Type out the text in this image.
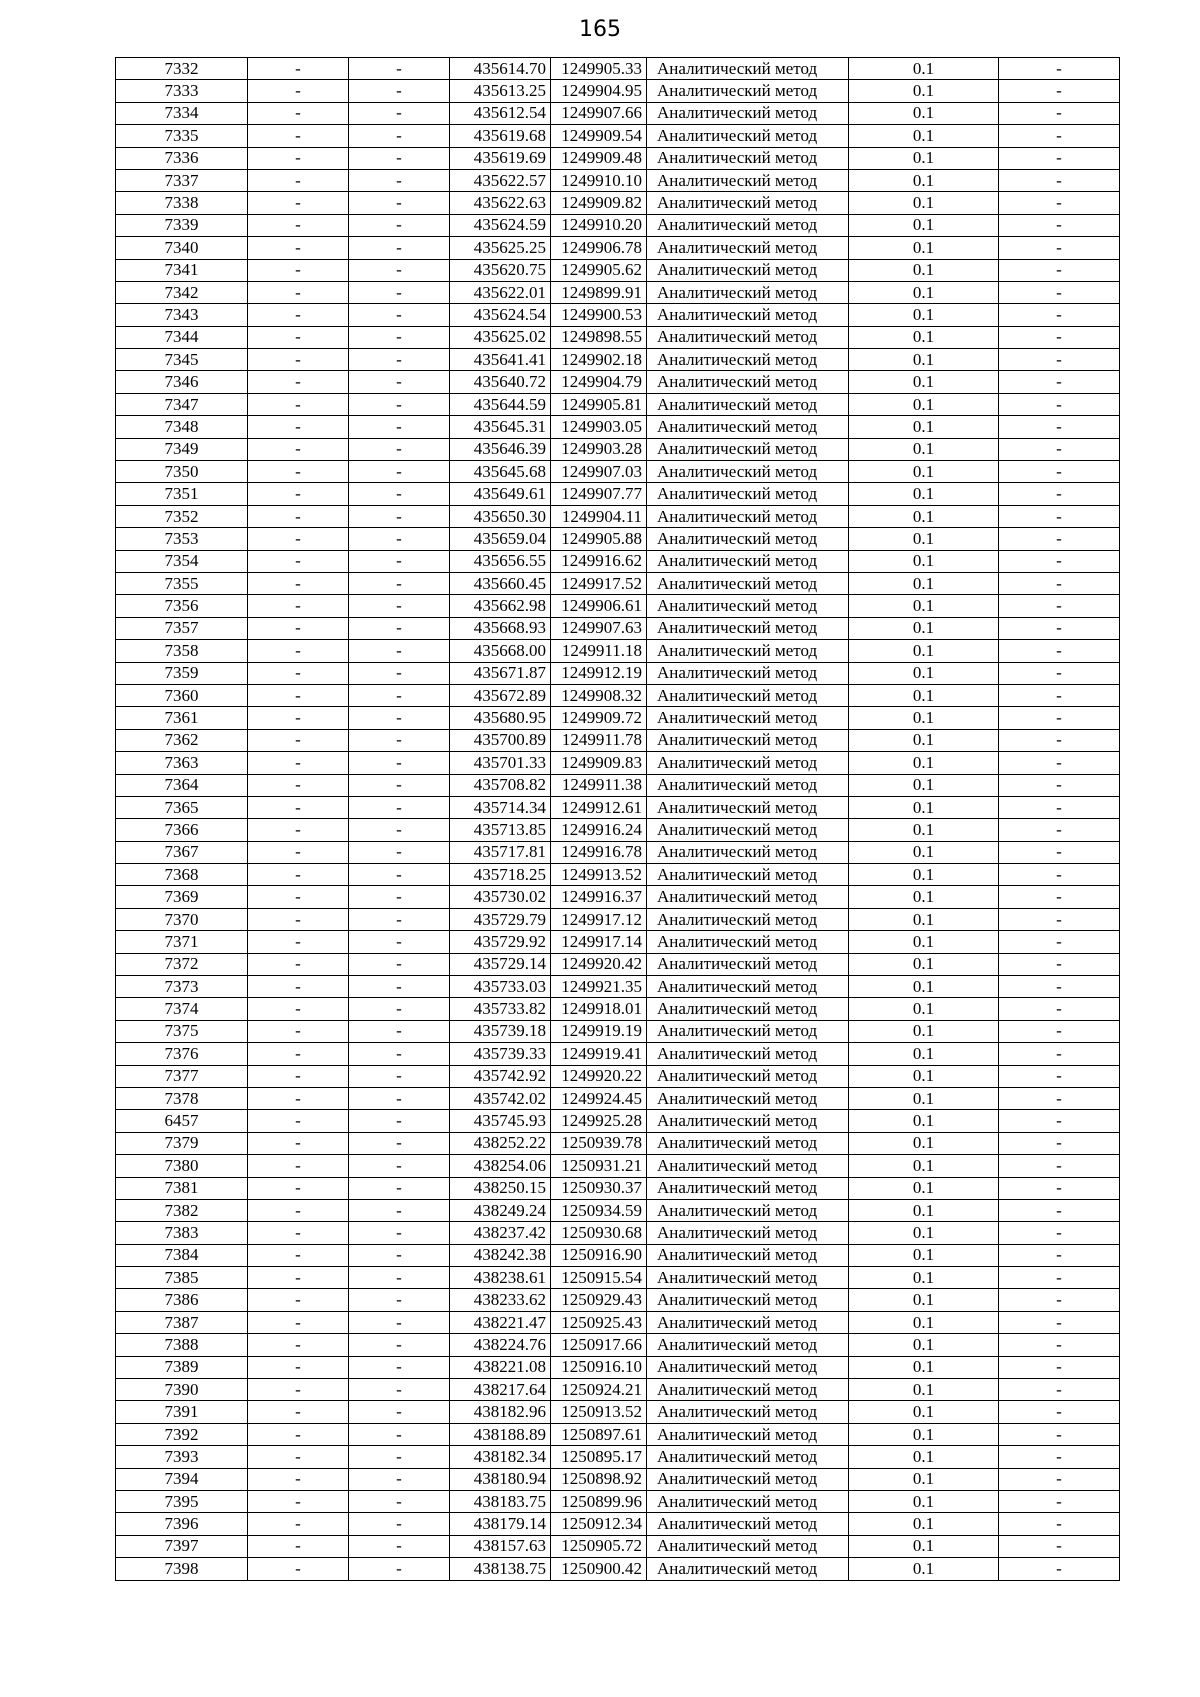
165
7332	-	-	435614.70	1249905.33	Аналитический метод	0.1	-
7333	-	-	435613.25	1249904.95	Аналитический метод	0.1	-
7334	-	-	435612.54	1249907.66	Аналитический метод	0.1	-
7335	-	-	435619.68	1249909.54	Аналитический метод	0.1	-
7336	-	-	435619.69	1249909.48	Аналитический метод	0.1	-
7337	-	-	435622.57	1249910.10	Аналитический метод	0.1	-
7338	-	-	435622.63	1249909.82	Аналитический метод	0.1	-
7339	-	-	435624.59	1249910.20	Аналитический метод	0.1	-
7340	-	-	435625.25	1249906.78	Аналитический метод	0.1	-
7341	-	-	435620.75	1249905.62	Аналитический метод	0.1	-
7342	-	-	435622.01	1249899.91	Аналитический метод	0.1	-
7343	-	-	435624.54	1249900.53	Аналитический метод	0.1	-
7344	-	-	435625.02	1249898.55	Аналитический метод	0.1	-
7345	-	-	435641.41	1249902.18	Аналитический метод	0.1	-
7346	-	-	435640.72	1249904.79	Аналитический метод	0.1	-
7347	-	-	435644.59	1249905.81	Аналитический метод	0.1	-
7348	-	-	435645.31	1249903.05	Аналитический метод	0.1	-
7349	-	-	435646.39	1249903.28	Аналитический метод	0.1	-
7350	-	-	435645.68	1249907.03	Аналитический метод	0.1	-
7351	-	-	435649.61	1249907.77	Аналитический метод	0.1	-
7352	-	-	435650.30	1249904.11	Аналитический метод	0.1	-
7353	-	-	435659.04	1249905.88	Аналитический метод	0.1	-
7354	-	-	435656.55	1249916.62	Аналитический метод	0.1	-
7355	-	-	435660.45	1249917.52	Аналитический метод	0.1	-
7356	-	-	435662.98	1249906.61	Аналитический метод	0.1	-
7357	-	-	435668.93	1249907.63	Аналитический метод	0.1	-
7358	-	-	435668.00	1249911.18	Аналитический метод	0.1	-
7359	-	-	435671.87	1249912.19	Аналитический метод	0.1	-
7360	-	-	435672.89	1249908.32	Аналитический метод	0.1	-
7361	-	-	435680.95	1249909.72	Аналитический метод	0.1	-
7362	-	-	435700.89	1249911.78	Аналитический метод	0.1	-
7363	-	-	435701.33	1249909.83	Аналитический метод	0.1	-
7364	-	-	435708.82	1249911.38	Аналитический метод	0.1	-
7365	-	-	435714.34	1249912.61	Аналитический метод	0.1	-
7366	-	-	435713.85	1249916.24	Аналитический метод	0.1	-
7367	-	-	435717.81	1249916.78	Аналитический метод	0.1	-
7368	-	-	435718.25	1249913.52	Аналитический метод	0.1	-
7369	-	-	435730.02	1249916.37	Аналитический метод	0.1	-
7370	-	-	435729.79	1249917.12	Аналитический метод	0.1	-
7371	-	-	435729.92	1249917.14	Аналитический метод	0.1	-
7372	-	-	435729.14	1249920.42	Аналитический метод	0.1	-
7373	-	-	435733.03	1249921.35	Аналитический метод	0.1	-
7374	-	-	435733.82	1249918.01	Аналитический метод	0.1	-
7375	-	-	435739.18	1249919.19	Аналитический метод	0.1	-
7376	-	-	435739.33	1249919.41	Аналитический метод	0.1	-
7377	-	-	435742.92	1249920.22	Аналитический метод	0.1	-
7378	-	-	435742.02	1249924.45	Аналитический метод	0.1	-
6457	-	-	435745.93	1249925.28	Аналитический метод	0.1	-
7379	-	-	438252.22	1250939.78	Аналитический метод	0.1	-
7380	-	-	438254.06	1250931.21	Аналитический метод	0.1	-
7381	-	-	438250.15	1250930.37	Аналитический метод	0.1	-
7382	-	-	438249.24	1250934.59	Аналитический метод	0.1	-
7383	-	-	438237.42	1250930.68	Аналитический метод	0.1	-
7384	-	-	438242.38	1250916.90	Аналитический метод	0.1	-
7385	-	-	438238.61	1250915.54	Аналитический метод	0.1	-
7386	-	-	438233.62	1250929.43	Аналитический метод	0.1	-
7387	-	-	438221.47	1250925.43	Аналитический метод	0.1	-
7388	-	-	438224.76	1250917.66	Аналитический метод	0.1	-
7389	-	-	438221.08	1250916.10	Аналитический метод	0.1	-
7390	-	-	438217.64	1250924.21	Аналитический метод	0.1	-
7391	-	-	438182.96	1250913.52	Аналитический метод	0.1	-
7392	-	-	438188.89	1250897.61	Аналитический метод	0.1	-
7393	-	-	438182.34	1250895.17	Аналитический метод	0.1	-
7394	-	-	438180.94	1250898.92	Аналитический метод	0.1	-
7395	-	-	438183.75	1250899.96	Аналитический метод	0.1	-
7396	-	-	438179.14	1250912.34	Аналитический метод	0.1	-
7397	-	-	438157.63	1250905.72	Аналитический метод	0.1	-
7398	-	-	438138.75	1250900.42	Аналитический метод	0.1	-
